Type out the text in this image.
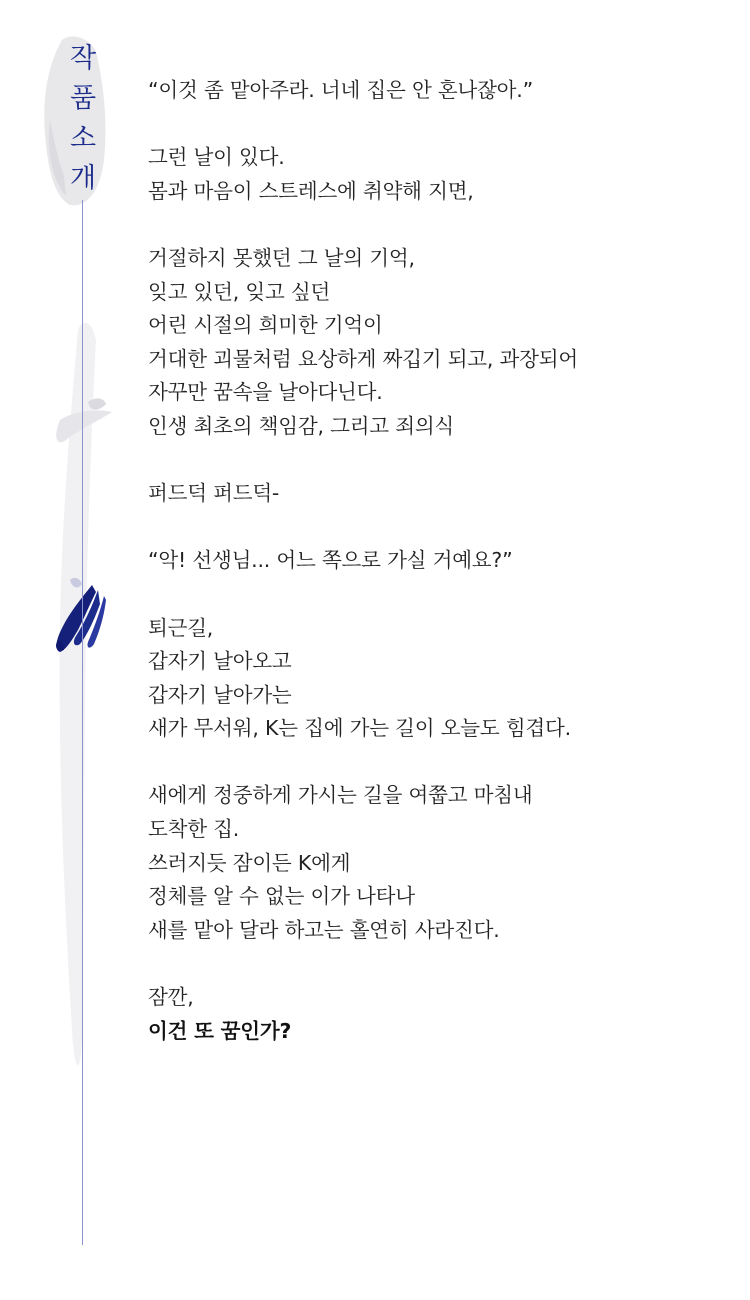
작
품
소
개

“이것 좀 맡아주라. 너네 집은 안 혼나잖아.”

그런 날이 있다.

몸과 마음이 스트레스에 취약해 지면,

거절하지 못했던 그 날의 기억,

잊고 있던, 잊고 싶던

어린 시절의 희미한 기억이

거대한 괴물처럼 요상하게 짜깁기 되고, 과장되어

자꾸만 꿈속을 날아다닌다.

인생 최초의 책임감, 그리고 죄의식

퍼드덕 퍼드덕-

“악! 선생님... 어느 쪽으로 가실 거예요?”

퇴근길,

갑자기 날아오고

갑자기 날아가는

새가 무서워, K는 집에 가는 길이 오늘도 힘겹다.

새에게 정중하게 가시는 길을 여쭙고 마침내

도착한 집.

쓰러지듯 잠이든 K에게

정체를 알 수 없는 이가 나타나

새를 맡아 달라 하고는 홀연히 사라진다.

잠깐,

이건 또 꿈인가?
